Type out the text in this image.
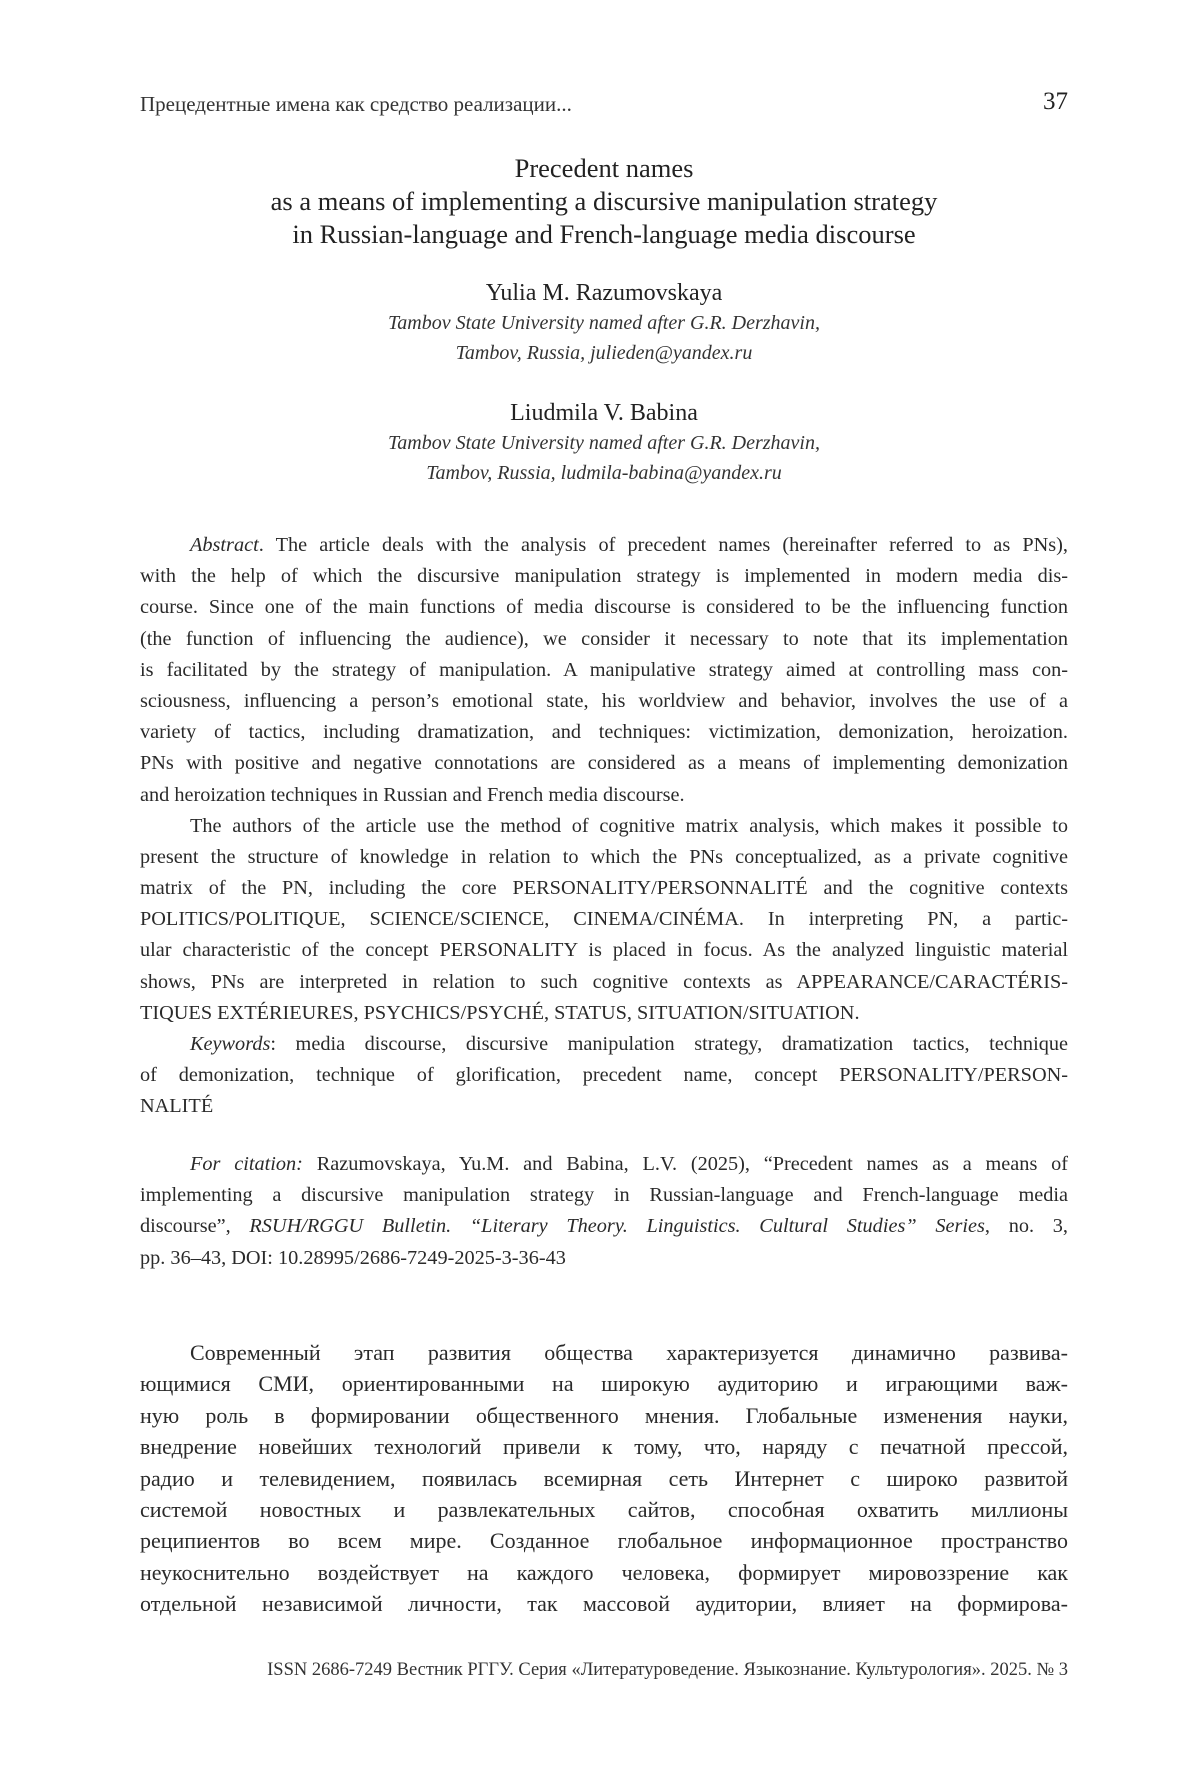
Прецедентные имена как средство реализации...	37
Precedent names
as a means of implementing a discursive manipulation strategy
in Russian-language and French-language media discourse
Yulia M. Razumovskaya
Tambov State University named after G.R. Derzhavin,
Tambov, Russia, julieden@yandex.ru
Liudmila V. Babina
Tambov State University named after G.R. Derzhavin,
Tambov, Russia, ludmila-babina@yandex.ru
Abstract. The article deals with the analysis of precedent names (hereinafter referred to as PNs),
with the help of which the discursive manipulation strategy is implemented in modern media dis-
course. Since one of the main functions of media discourse is considered to be the influencing function
(the function of influencing the audience), we consider it necessary to note that its implementation
is facilitated by the strategy of manipulation. A manipulative strategy aimed at controlling mass con-
sciousness, influencing a person’s emotional state, his worldview and behavior, involves the use of a
variety of tactics, including dramatization, and techniques: victimization, demonization, heroization.
PNs with positive and negative connotations are considered as a means of implementing demonization
and heroization techniques in Russian and French media discourse.
The authors of the article use the method of cognitive matrix analysis, which makes it possible to
present the structure of knowledge in relation to which the PNs conceptualized, as a private cognitive
matrix of the PN, including the core PERSONALITY/PERSONNALITÉ and the cognitive contexts
POLITICS/POLITIQUE, SCIENCE/SCIENCE, CINEMA/CINÉMA. In interpreting PN, a partic-
ular characteristic of the concept PERSONALITY is placed in focus. As the analyzed linguistic material
shows, PNs are interpreted in relation to such cognitive contexts as APPEARANCE/CARACTÉRIS-
TIQUES EXTÉRIEURES, PSYCHICS/PSYCHÉ, STATUS, SITUATION/SITUATION.
Keywords: media discourse, discursive manipulation strategy, dramatization tactics, technique
of demonization, technique of glorification, precedent name, concept PERSONALITY/PERSON-
NALITÉ
For citation: Razumovskaya, Yu.M. and Babina, L.V. (2025), “Precedent names as a means of
implementing a discursive manipulation strategy in Russian-language and French-language media
discourse”, RSUH/RGGU Bulletin. “Literary Theory. Linguistics. Cultural Studies” Series, no. 3,
pp. 36–43, DOI: 10.28995/2686-7249-2025-3-36-43
Современный этап развития общества характеризуется динамично развива-
ющимися СМИ, ориентированными на широкую аудиторию и играющими важ-
ную роль в формировании общественного мнения. Глобальные изменения науки,
внедрение новейших технологий привели к тому, что, наряду с печатной прессой,
радио и телевидением, появилась всемирная сеть Интернет с широко развитой
системой новостных и развлекательных сайтов, способная охватить миллионы
реципиентов во всем мире. Созданное глобальное информационное пространство
неукоснительно воздействует на каждого человека, формирует мировоззрение как
отдельной независимой личности, так массовой аудитории, влияет на формирова-
ISSN 2686-7249 Вестник РГГУ. Серия «Литературоведение. Языкознание. Культурология». 2025. № 3
